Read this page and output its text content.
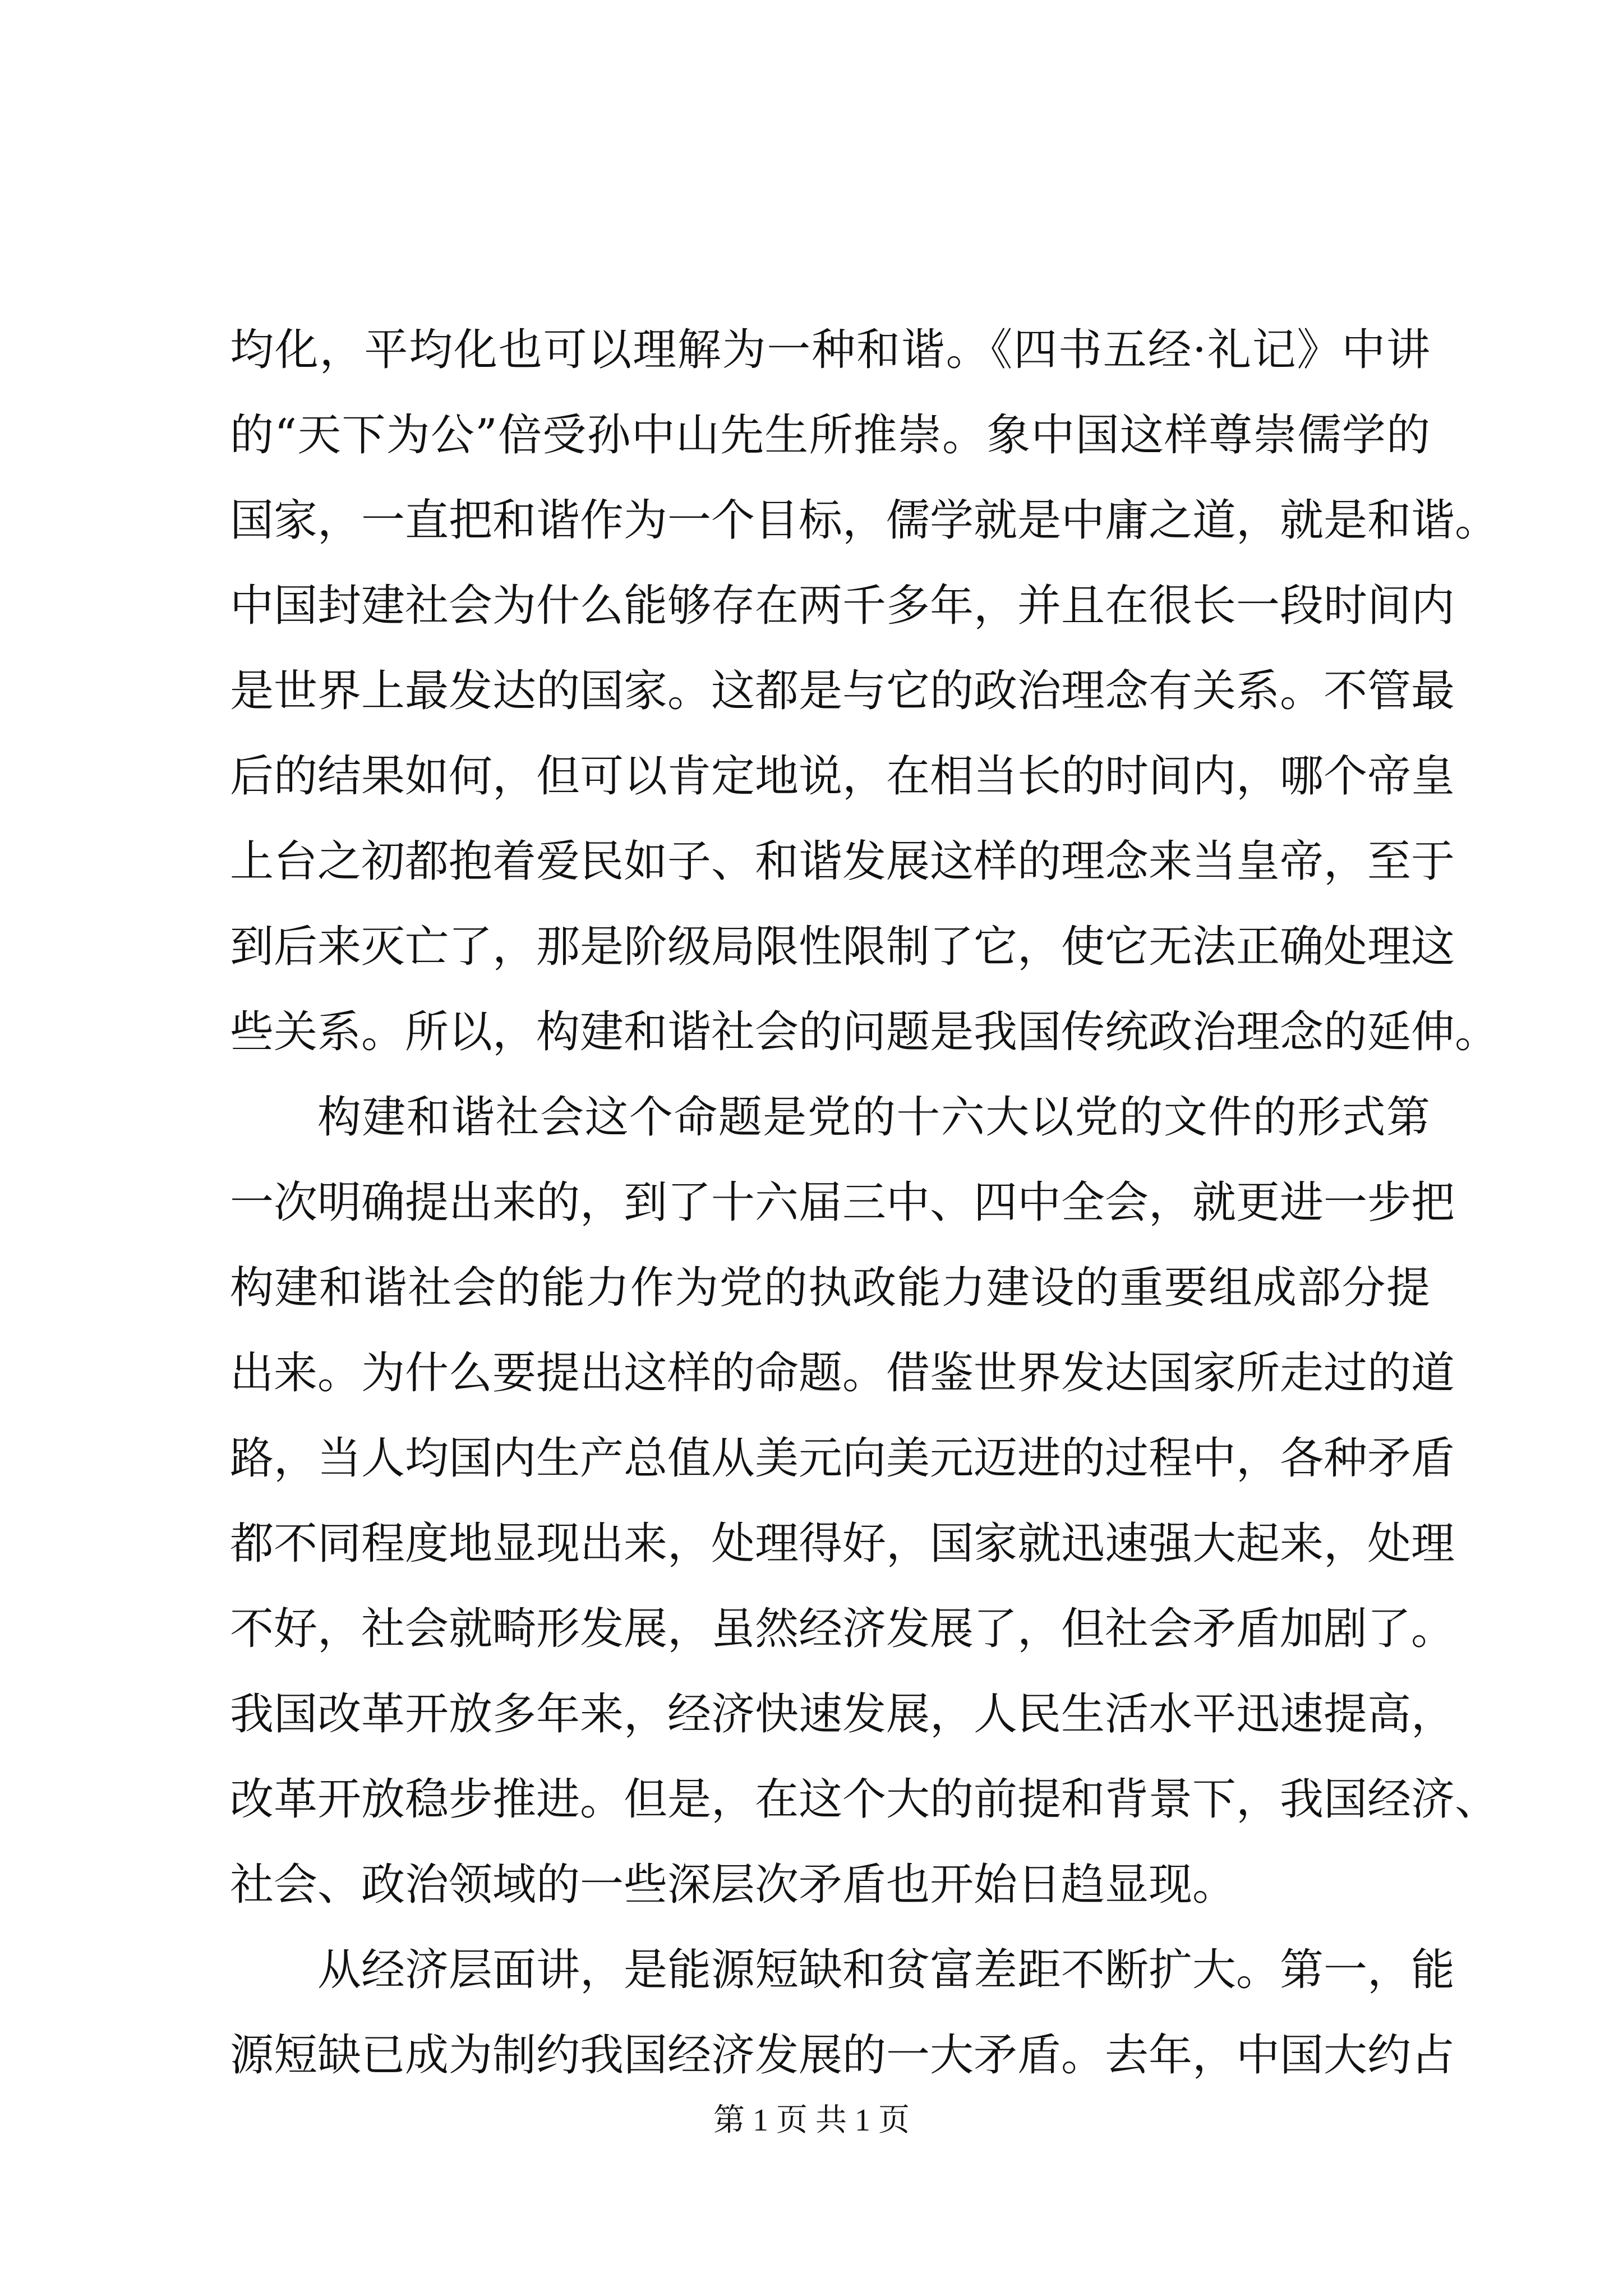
均化，平均化也可以理解为一种和谐。《四书五经·礼记》中讲
的“天下为公”倍受孙中山先生所推崇。象中国这样尊崇儒学的
国家，一直把和谐作为一个目标，儒学就是中庸之道，就是和谐。
中国封建社会为什么能够存在两千多年，并且在很长一段时间内
是世界上最发达的国家。这都是与它的政治理念有关系。不管最
后的结果如何，但可以肯定地说，在相当长的时间内，哪个帝皇
上台之初都抱着爱民如子、和谐发展这样的理念来当皇帝，至于
到后来灭亡了，那是阶级局限性限制了它，使它无法正确处理这
些关系。所以，构建和谐社会的问题是我国传统政治理念的延伸。
构建和谐社会这个命题是党的十六大以党的文件的形式第
一次明确提出来的，到了十六届三中、四中全会，就更进一步把
构建和谐社会的能力作为党的执政能力建设的重要组成部分提
出来。为什么要提出这样的命题。借鉴世界发达国家所走过的道
路，当人均国内生产总值从美元向美元迈进的过程中，各种矛盾
都不同程度地显现出来，处理得好，国家就迅速强大起来，处理
不好，社会就畸形发展，虽然经济发展了，但社会矛盾加剧了。
我国改革开放多年来，经济快速发展，人民生活水平迅速提高，
改革开放稳步推进。但是，在这个大的前提和背景下，我国经济、
社会、政治领域的一些深层次矛盾也开始日趋显现。
从经济层面讲，是能源短缺和贫富差距不断扩大。第一，能
源短缺已成为制约我国经济发展的一大矛盾。去年，中国大约占
第 1 页 共 1 页
